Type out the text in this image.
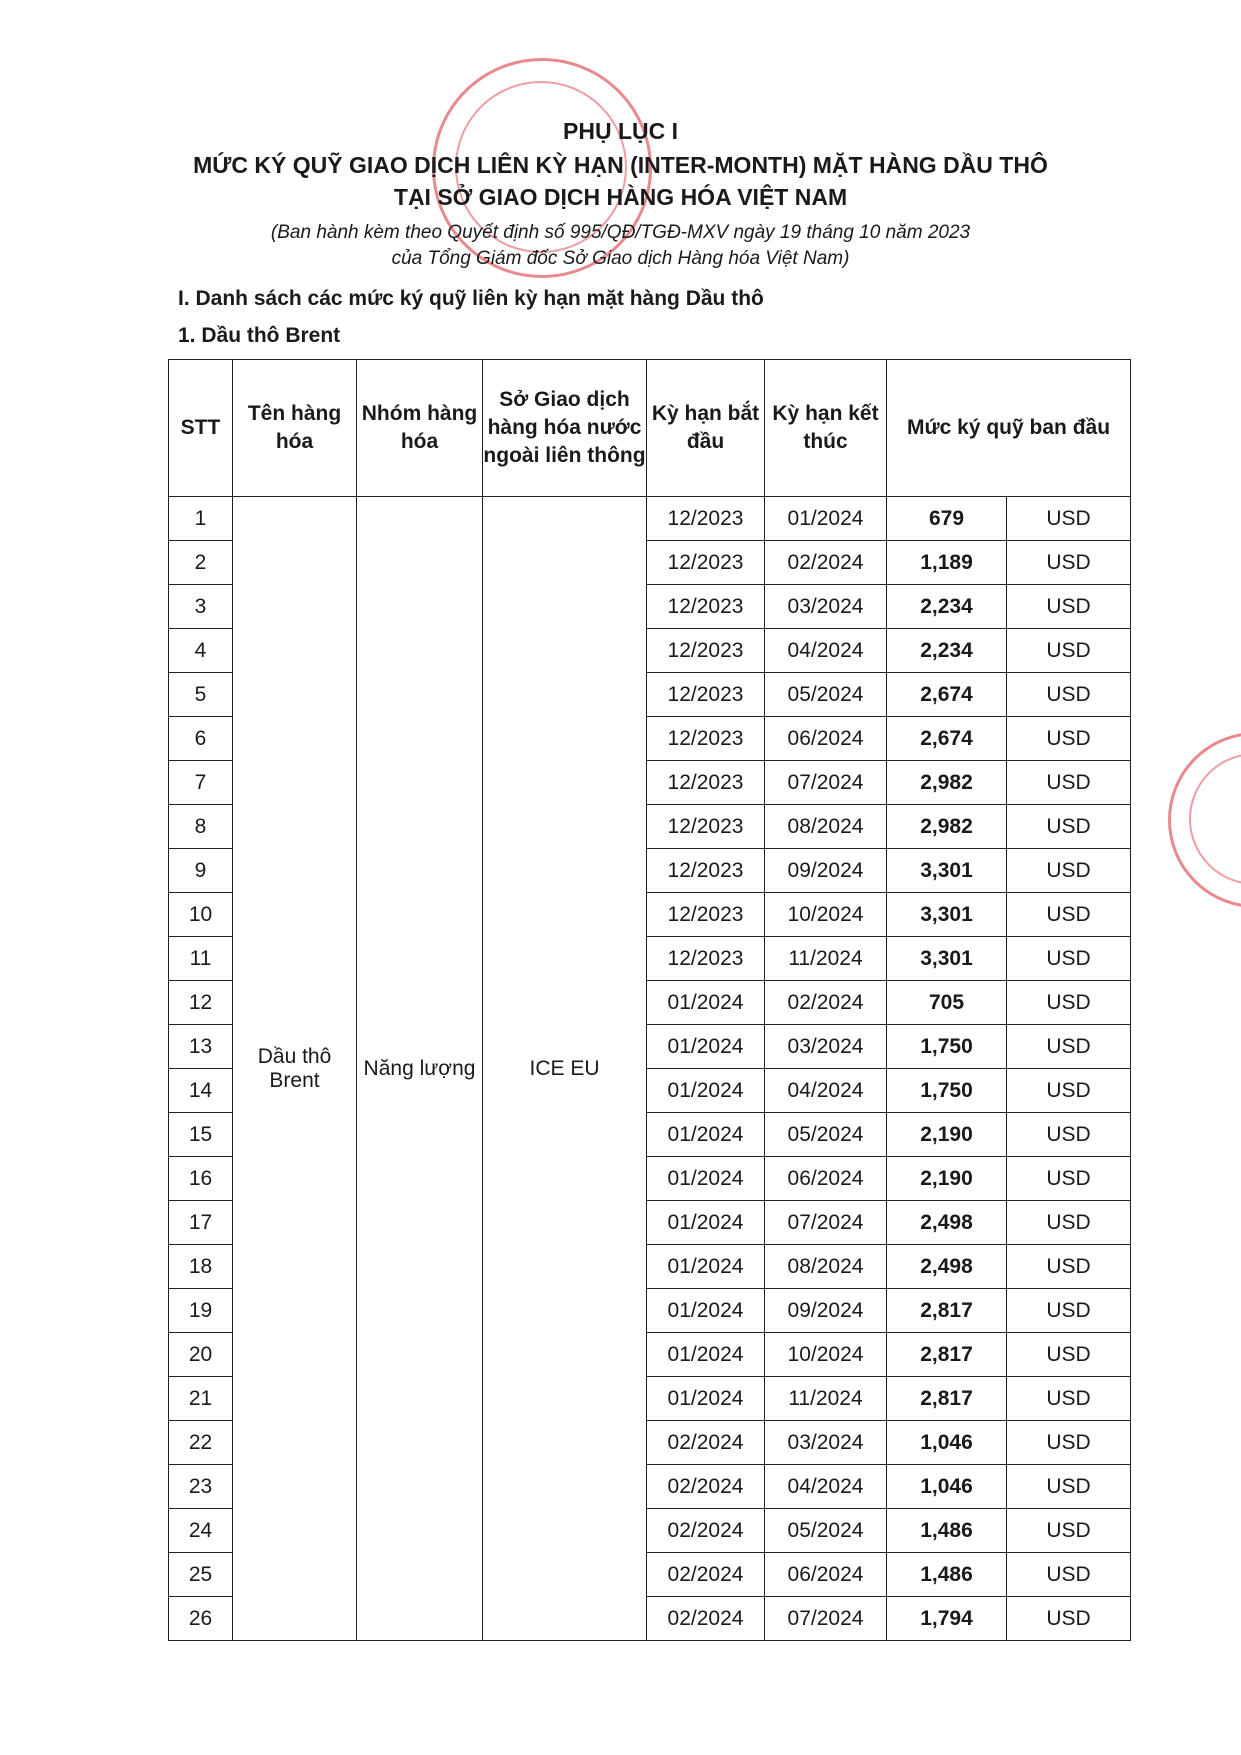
PHỤ LỤC I
MỨC KÝ QUỸ GIAO DỊCH LIÊN KỲ HẠN (INTER-MONTH) MẶT HÀNG DẦU THÔ
TẠI SỞ GIAO DỊCH HÀNG HÓA VIỆT NAM
(Ban hành kèm theo Quyết định số 995/QĐ/TGĐ-MXV ngày 19 tháng 10 năm 2023
của Tổng Giám đốc Sở Giao dịch Hàng hóa Việt Nam)
I. Danh sách các mức ký quỹ liên kỳ hạn mặt hàng Dầu thô
1. Dầu thô Brent
STT	Tên hàng hóa	Nhóm hàng hóa	Sở Giao dịch hàng hóa nước ngoài liên thông	Kỳ hạn bắt đầu	Kỳ hạn kết thúc	Mức ký quỹ ban đầu	
1	Dầu thô Brent	Năng lượng	ICE EU	12/2023	01/2024	679	USD
2				12/2023	02/2024	1,189	USD
3				12/2023	03/2024	2,234	USD
4				12/2023	04/2024	2,234	USD
5				12/2023	05/2024	2,674	USD
6				12/2023	06/2024	2,674	USD
7				12/2023	07/2024	2,982	USD
8				12/2023	08/2024	2,982	USD
9				12/2023	09/2024	3,301	USD
10				12/2023	10/2024	3,301	USD
11				12/2023	11/2024	3,301	USD
12				01/2024	02/2024	705	USD
13				01/2024	03/2024	1,750	USD
14				01/2024	04/2024	1,750	USD
15				01/2024	05/2024	2,190	USD
16				01/2024	06/2024	2,190	USD
17				01/2024	07/2024	2,498	USD
18				01/2024	08/2024	2,498	USD
19				01/2024	09/2024	2,817	USD
20				01/2024	10/2024	2,817	USD
21				01/2024	11/2024	2,817	USD
22				02/2024	03/2024	1,046	USD
23				02/2024	04/2024	1,046	USD
24				02/2024	05/2024	1,486	USD
25				02/2024	06/2024	1,486	USD
26				02/2024	07/2024	1,794	USD
